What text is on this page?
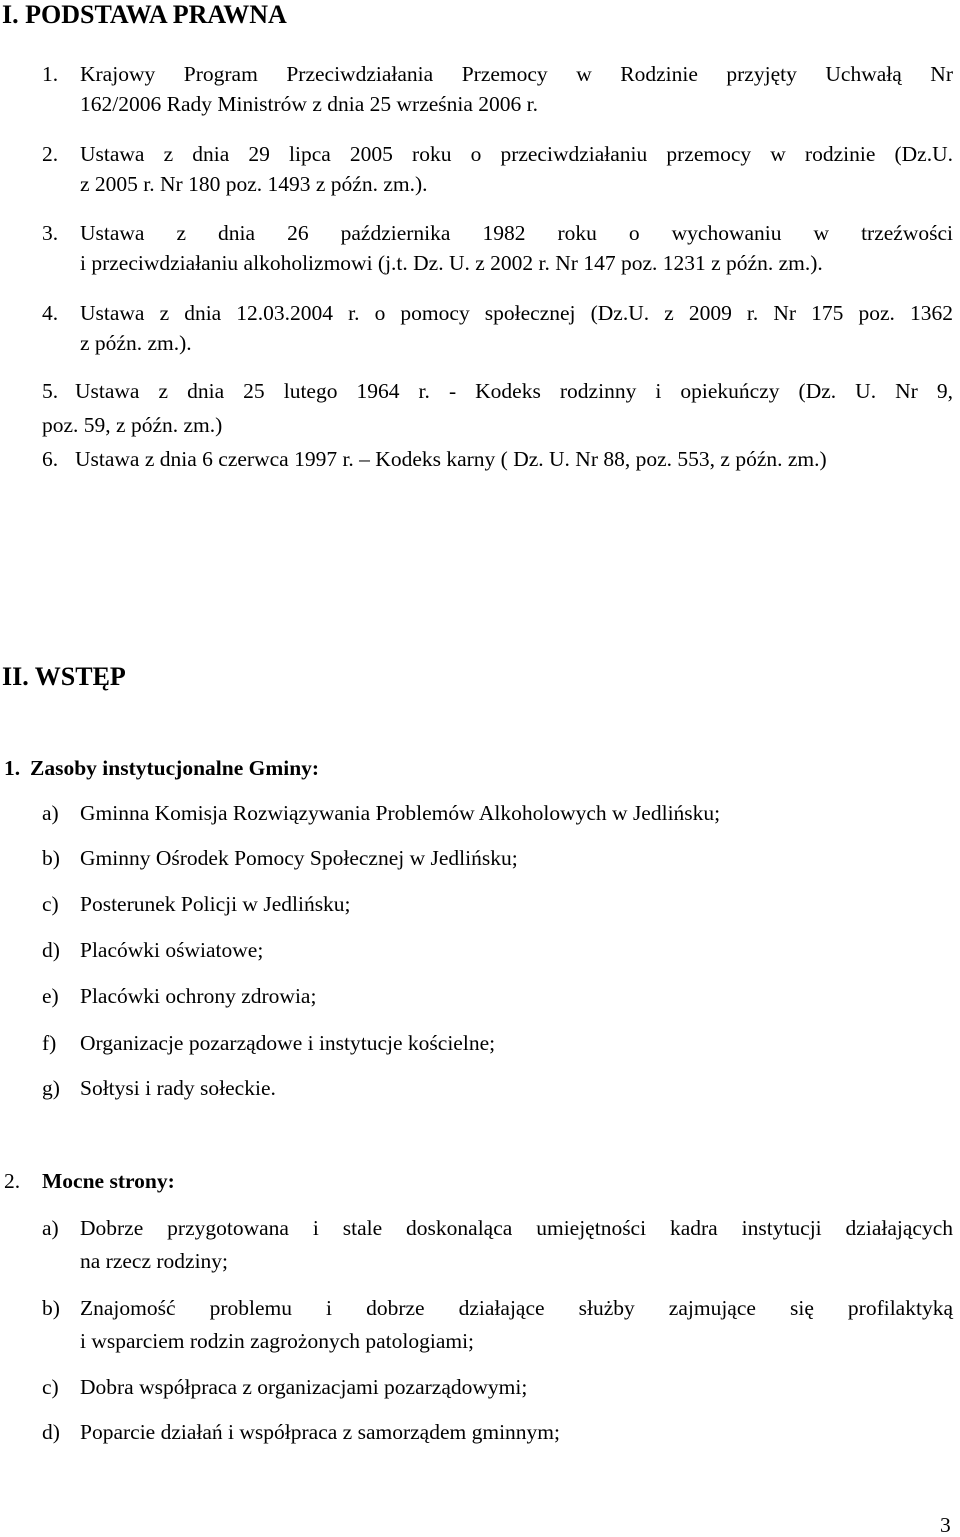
I. PODSTAWA PRAWNA
1. Krajowy Program Przeciwdziałania Przemocy w Rodzinie przyjęty Uchwałą Nr
162/2006 Rady Ministrów z dnia 25 września 2006 r.
2. Ustawa z dnia 29 lipca 2005 roku o przeciwdziałaniu przemocy w rodzinie (Dz.U.
z 2005 r. Nr 180 poz. 1493 z późn. zm.).
3. Ustawa z dnia 26 października 1982 roku o wychowaniu w trzeźwości
i przeciwdziałaniu alkoholizmowi (j.t. Dz. U. z 2002 r. Nr 147 poz. 1231 z późn. zm.).
4. Ustawa z dnia 12.03.2004 r. o pomocy społecznej (Dz.U. z 2009 r. Nr 175 poz. 1362
z późn. zm.).
5. Ustawa z dnia 25 lutego 1964 r. - Kodeks rodzinny i opiekuńczy (Dz. U. Nr 9,
poz. 59, z późn. zm.)
6. Ustawa z dnia 6 czerwca 1997 r. – Kodeks karny ( Dz. U. Nr 88, poz. 553, z późn. zm.)
II. WSTĘP
1. Zasoby instytucjonalne Gminy:
a) Gminna Komisja Rozwiązywania Problemów Alkoholowych w Jedlińsku;
b) Gminny Ośrodek Pomocy Społecznej w Jedlińsku;
c) Posterunek Policji w Jedlińsku;
d) Placówki oświatowe;
e) Placówki ochrony zdrowia;
f) Organizacje pozarządowe i instytucje kościelne;
g) Sołtysi i rady sołeckie.
2. Mocne strony:
a) Dobrze przygotowana i stale doskonaląca umiejętności kadra instytucji działających
na rzecz rodziny;
b) Znajomość problemu i dobrze działające służby zajmujące się profilaktyką
i wsparciem rodzin zagrożonych patologiami;
c) Dobra współpraca z organizacjami pozarządowymi;
d) Poparcie działań i współpraca z samorządem gminnym;
3
